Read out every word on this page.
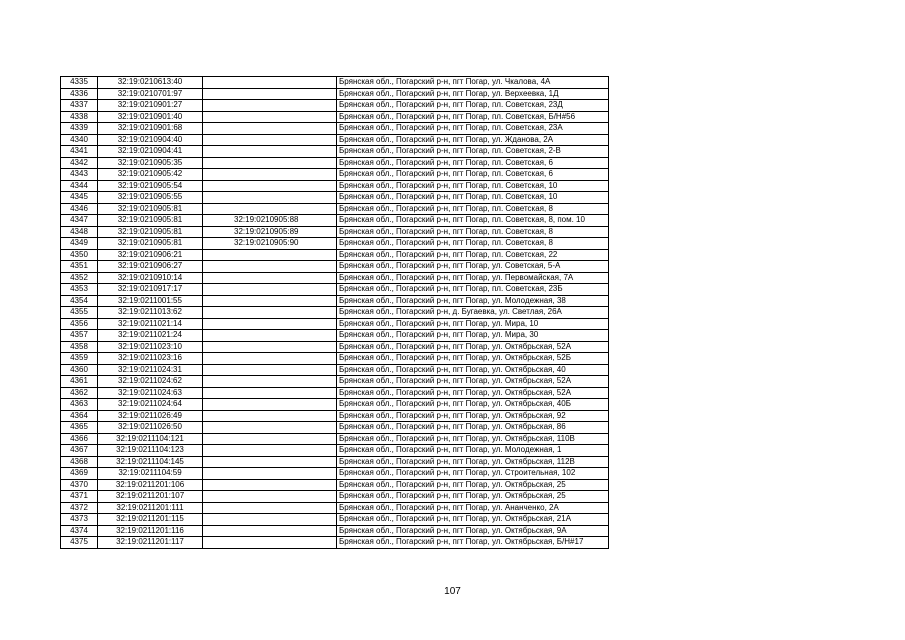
4335	32:19:0210613:40		Брянская обл., Погарский р-н, пгт Погар, ул. Чкалова, 4А
4336	32:19:0210701:97		Брянская обл., Погарский р-н, пгт Погар, ул. Верхеевка, 1Д
4337	32:19:0210901:27		Брянская обл., Погарский р-н, пгт Погар, пл. Советская, 23Д
4338	32:19:0210901:40		Брянская обл., Погарский р-н, пгт Погар, пл. Советская, Б/Н#56
4339	32:19:0210901:68		Брянская обл., Погарский р-н, пгт Погар, пл. Советская, 23А
4340	32:19:0210904:40		Брянская обл., Погарский р-н, пгт Погар, ул. Жданова, 2А
4341	32:19:0210904:41		Брянская обл., Погарский р-н, пгт Погар, пл. Советская, 2-В
4342	32:19:0210905:35		Брянская обл., Погарский р-н, пгт Погар, пл. Советская, 6
4343	32:19:0210905:42		Брянская обл., Погарский р-н, пгт Погар, пл. Советская, 6
4344	32:19:0210905:54		Брянская обл., Погарский р-н, пгт Погар, пл. Советская, 10
4345	32:19:0210905:55		Брянская обл., Погарский р-н, пгт Погар, пл. Советская, 10
4346	32:19:0210905:81		Брянская обл., Погарский р-н, пгт Погар, пл. Советская, 8
4347	32:19:0210905:81	32:19:0210905:88	Брянская обл., Погарский р-н, пгт Погар, пл. Советская, 8, пом. 10
4348	32:19:0210905:81	32:19:0210905:89	Брянская обл., Погарский р-н, пгт Погар, пл. Советская, 8
4349	32:19:0210905:81	32:19:0210905:90	Брянская обл., Погарский р-н, пгт Погар, пл. Советская, 8
4350	32:19:0210906:21		Брянская обл., Погарский р-н, пгт Погар, пл. Советская, 22
4351	32:19:0210906:27		Брянская обл., Погарский р-н, пгт Погар, ул. Советская, 5-А
4352	32:19:0210910:14		Брянская обл., Погарский р-н, пгт Погар, ул. Первомайская, 7А
4353	32:19:0210917:17		Брянская обл., Погарский р-н, пгт Погар, пл. Советская, 23Б
4354	32:19:0211001:55		Брянская обл., Погарский р-н, пгт Погар, ул. Молодежная, 38
4355	32:19:0211013:62		Брянская обл., Погарский р-н, д. Бугаевка, ул. Светлая, 26А
4356	32:19:0211021:14		Брянская обл., Погарский р-н, пгт Погар, ул. Мира, 10
4357	32:19:0211021:24		Брянская обл., Погарский р-н, пгт Погар, ул. Мира, 30
4358	32:19:0211023:10		Брянская обл., Погарский р-н, пгт Погар, ул. Октябрьская, 52А
4359	32:19:0211023:16		Брянская обл., Погарский р-н, пгт Погар, ул. Октябрьская, 52Б
4360	32:19:0211024:31		Брянская обл., Погарский р-н, пгт Погар, ул. Октябрьская, 40
4361	32:19:0211024:62		Брянская обл., Погарский р-н, пгт Погар, ул. Октябрьская, 52А
4362	32:19:0211024:63		Брянская обл., Погарский р-н, пгт Погар, ул. Октябрьская, 52А
4363	32:19:0211024:64		Брянская обл., Погарский р-н, пгт Погар, ул. Октябрьская, 40Б
4364	32:19:0211026:49		Брянская обл., Погарский р-н, пгт Погар, ул. Октябрьская, 92
4365	32:19:0211026:50		Брянская обл., Погарский р-н, пгт Погар, ул. Октябрьская, 86
4366	32:19:0211104:121		Брянская обл., Погарский р-н, пгт Погар, ул. Октябрьская, 110В
4367	32:19:0211104:123		Брянская обл., Погарский р-н, пгт Погар, ул. Молодежная, 1
4368	32:19:0211104:145		Брянская обл., Погарский р-н, пгт Погар, ул. Октябрьская, 112В
4369	32:19:0211104:59		Брянская обл., Погарский р-н, пгт Погар, ул. Строительная, 102
4370	32:19:0211201:106		Брянская обл., Погарский р-н, пгт Погар, ул. Октябрьская, 25
4371	32:19:0211201:107		Брянская обл., Погарский р-н, пгт Погар, ул. Октябрьская, 25
4372	32:19:0211201:111		Брянская обл., Погарский р-н, пгт Погар, ул. Ананченко, 2А
4373	32:19:0211201:115		Брянская обл., Погарский р-н, пгт Погар, ул. Октябрьская, 21А
4374	32:19:0211201:116		Брянская обл., Погарский р-н, пгт Погар, ул. Октябрьская, 9А
4375	32:19:0211201:117		Брянская обл., Погарский р-н, пгт Погар, ул. Октябрьская, Б/Н#17
107
